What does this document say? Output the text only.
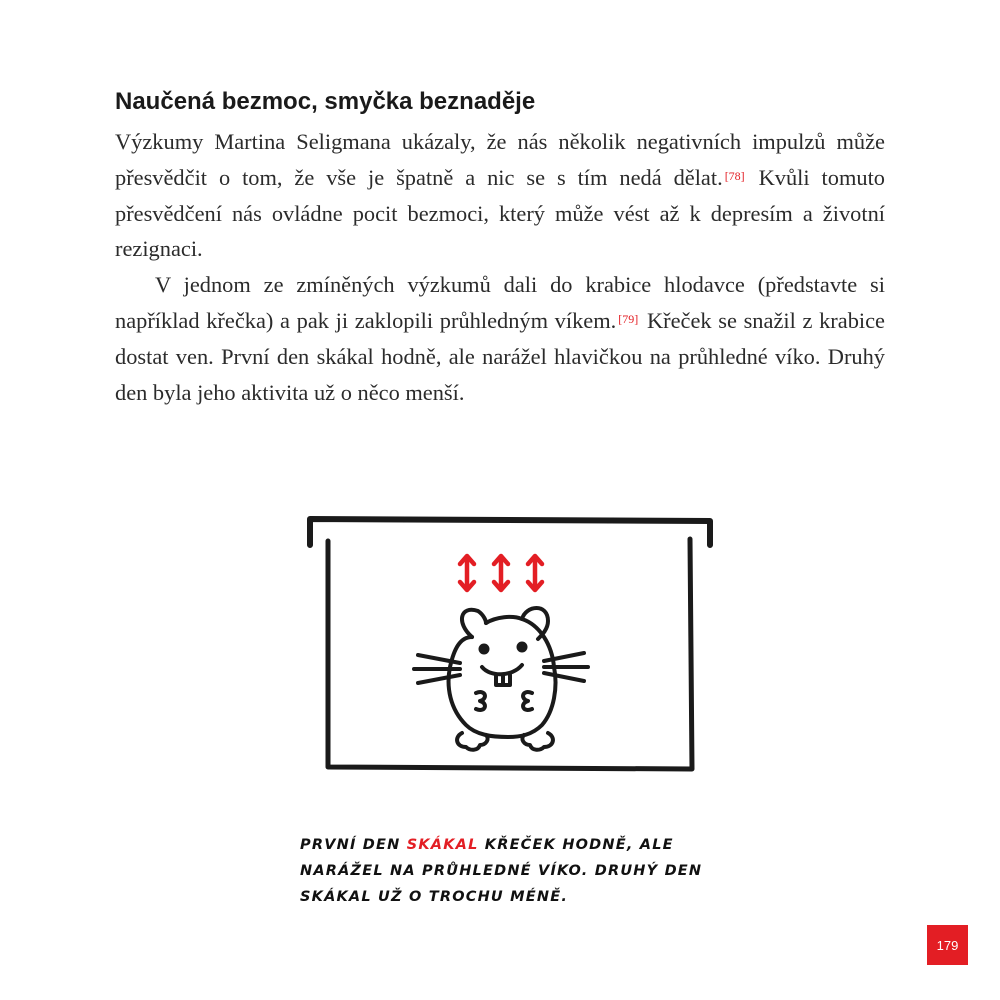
Naučená bezmoc, smyčka beznaděje

Výzkumy Martina Seligmana ukázaly, že nás několik negativních impulzů může přesvědčit o tom, že vše je špatně a nic se s tím nedá dělat. [78] Kvůli tomuto přesvědčení nás ovládne pocit bezmoci, který může vést až k depresím a životní rezignaci.

V jednom ze zmíněných výzkumů dali do krabice hlodavce (představte si například křečka) a pak ji zaklopili průhledným víkem. [79] Křeček se snažil z krabice dostat ven. První den skákal hodně, ale narážel hlavičkou na průhledné víko. Druhý den byla jeho aktivita už o něco menší.

PRVNÍ DEN SKÁKAL KŘEČEK HODNĚ, ALE NARÁŽEL NA PRŮHLEDNÉ VÍKO. DRUHÝ DEN SKÁKAL UŽ O TROCHU MÉNĚ.
179
